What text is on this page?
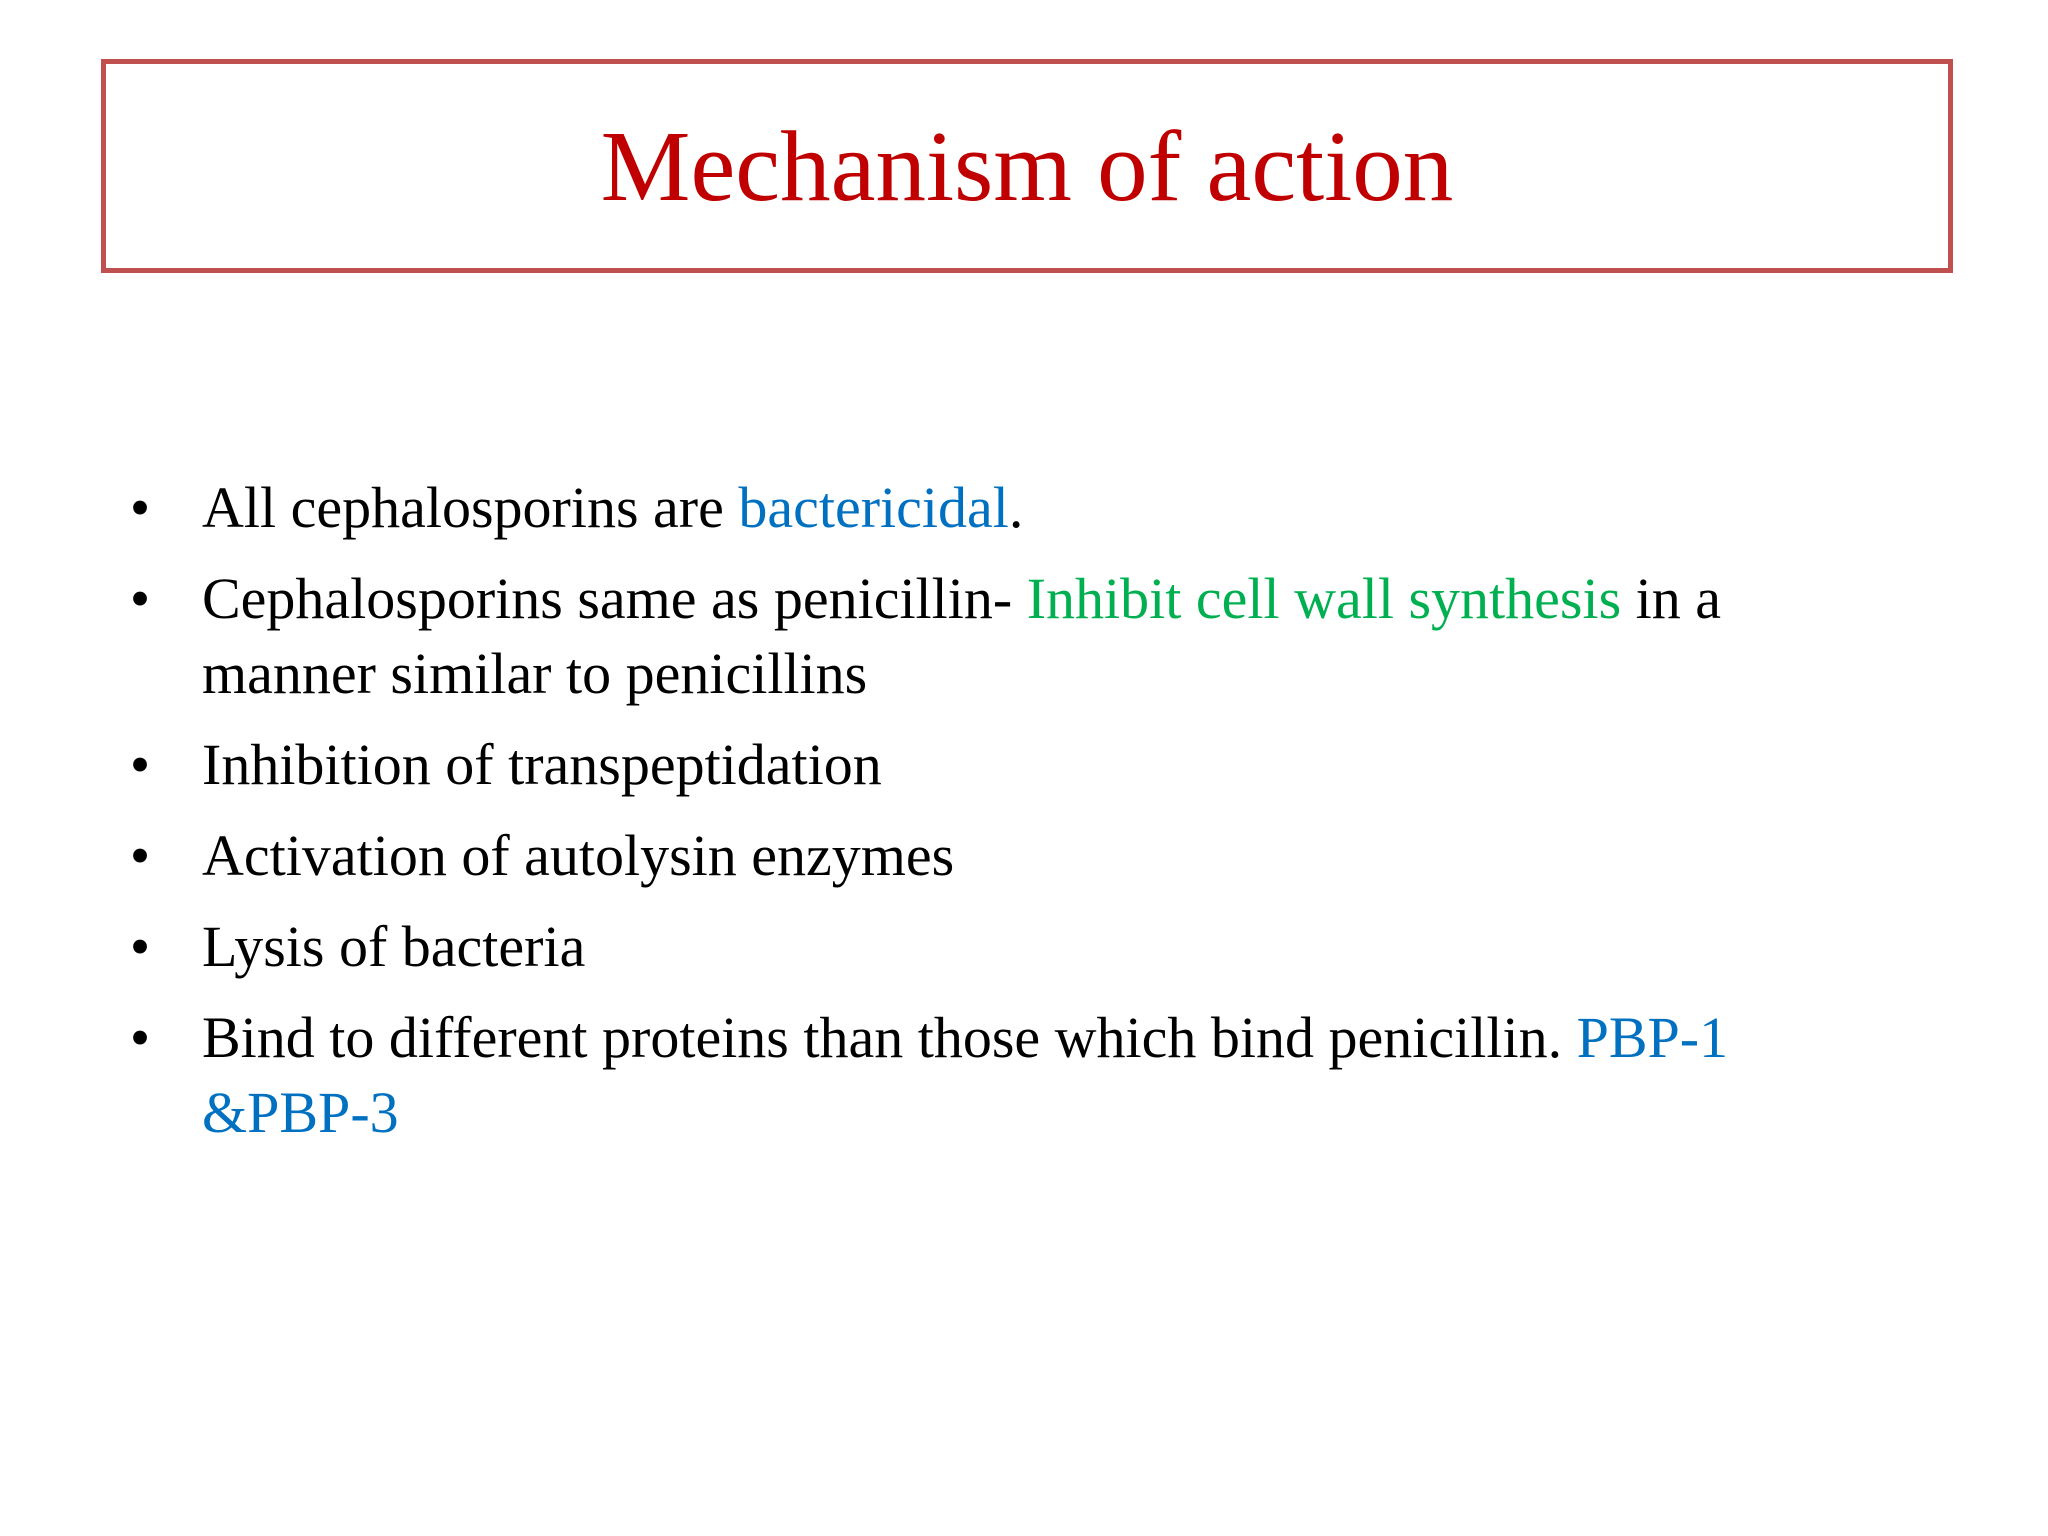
Mechanism of action
• All cephalosporins are bactericidal.
• Cephalosporins same as penicillin- Inhibit cell wall synthesis in a manner similar to penicillins
• Inhibition of transpeptidation
• Activation of autolysin enzymes
• Lysis of bacteria
• Bind to different proteins than those which bind penicillin. PBP-1 &PBP-3
